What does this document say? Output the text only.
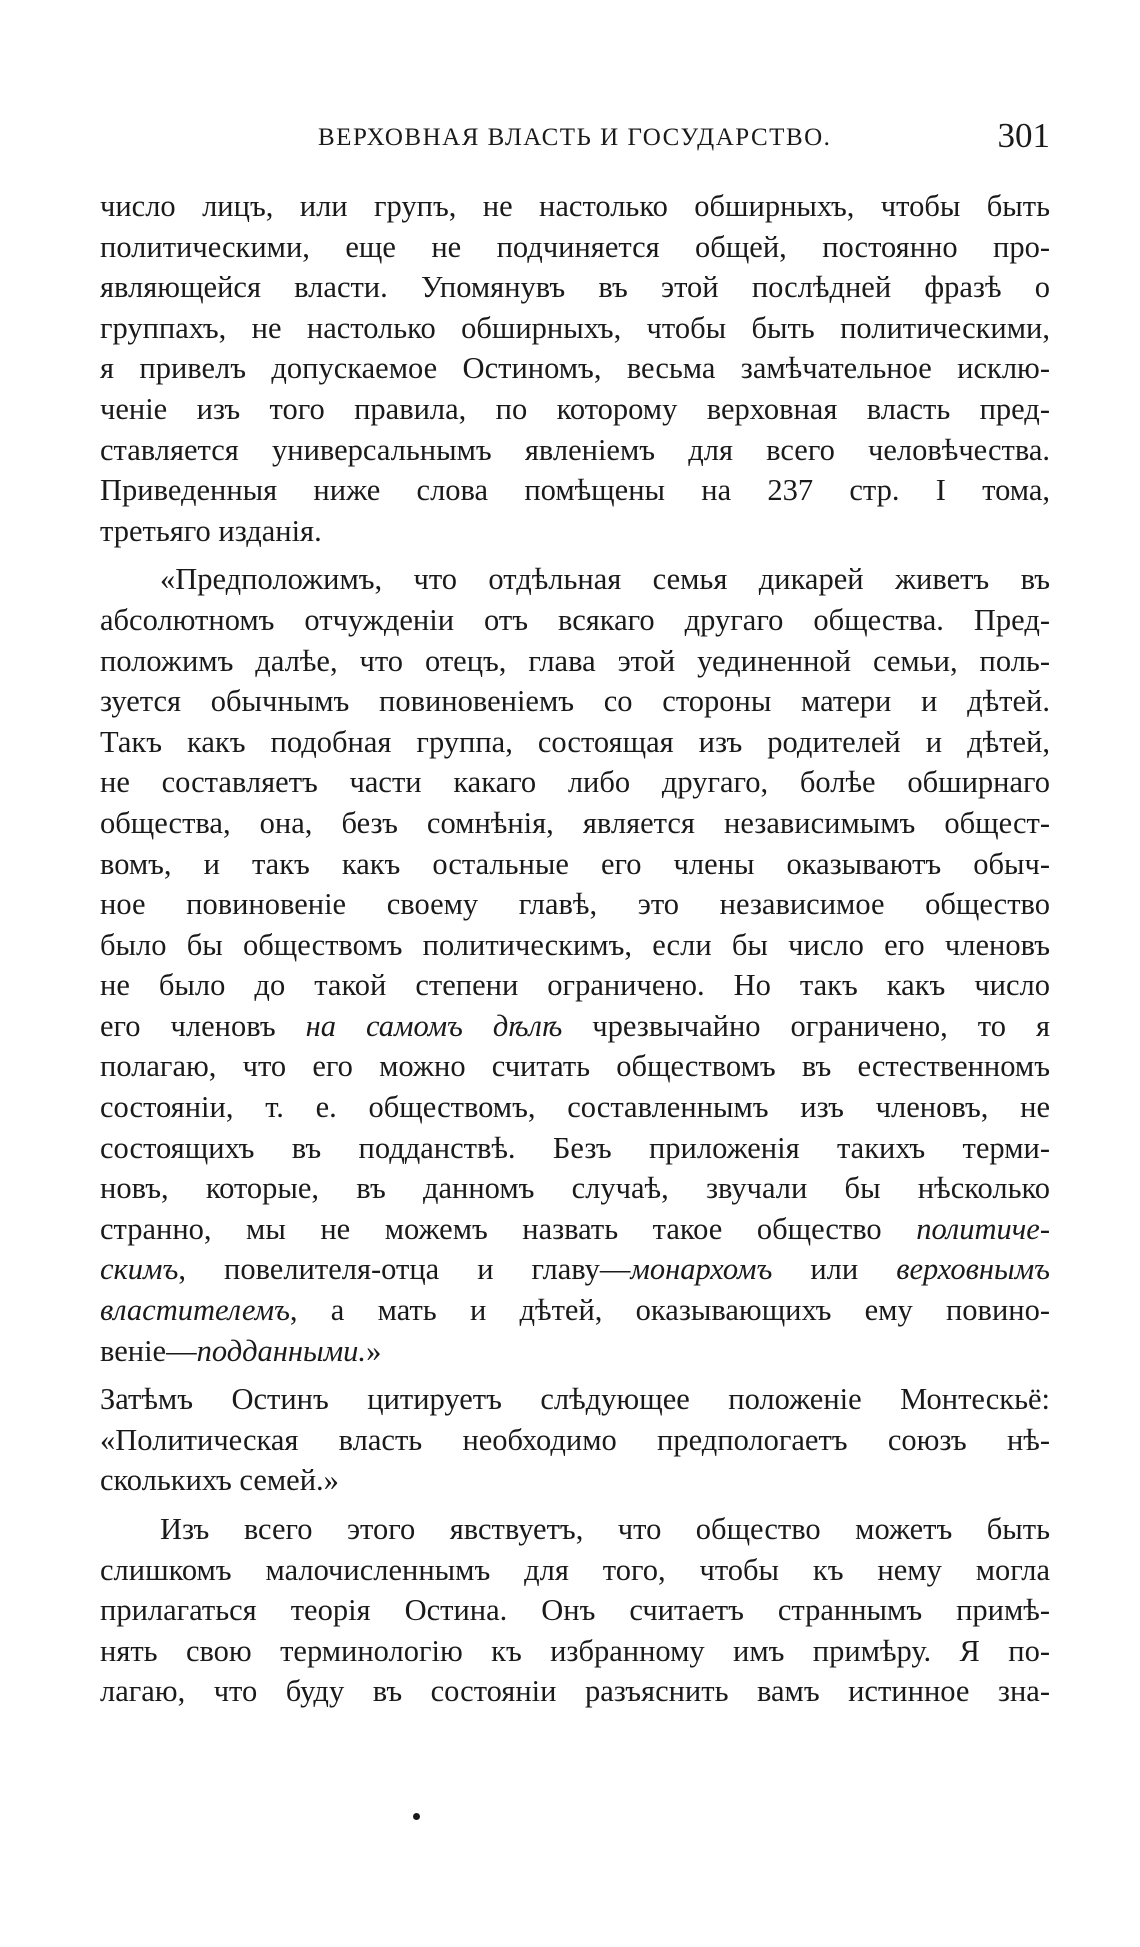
ВЕРХОВНАЯ ВЛАСТЬ И ГОСУДАРСТВО.	301
число лицъ, или групъ, не настолько обширныхъ, чтобы быть
политическими, еще не подчиняется общей, постоянно про-
являющейся власти. Упомянувъ въ этой послѣдней фразѣ о
группахъ, не настолько обширныхъ, чтобы быть политическими,
я привелъ допускаемое Остиномъ, весьма замѣчательное исклю-
ченіе изъ того правила, по которому верховная власть пред-
ставляется универсальнымъ явленіемъ для всего человѣчества.
Приведенныя ниже слова помѣщены на 237 стр. I тома,
третьяго изданія.
«Предположимъ, что отдѣльная семья дикарей живетъ въ
абсолютномъ отчужденіи отъ всякаго другаго общества. Пред-
положимъ далѣе, что отецъ, глава этой уединенной семьи, поль-
зуется обычнымъ повиновеніемъ со стороны матери и дѣтей.
Такъ какъ подобная группа, состоящая изъ родителей и дѣтей,
не составляетъ части какаго либо другаго, болѣе обширнаго
общества, она, безъ сомнѣнія, является независимымъ общест-
вомъ, и такъ какъ остальные его члены оказываютъ обыч-
ное повиновеніе своему главѣ, это независимое общество
было бы обществомъ политическимъ, если бы число его членовъ
не было до такой степени ограничено. Но такъ какъ число
его членовъ на самомъ дѣлѣ чрезвычайно ограничено, то я
полагаю, что его можно считать обществомъ въ естественномъ
состояніи, т. е. обществомъ, составленнымъ изъ членовъ, не
состоящихъ въ подданствѣ. Безъ приложенія такихъ терми-
новъ, которые, въ данномъ случаѣ, звучали бы нѣсколько
странно, мы не можемъ назвать такое общество политиче-
скимъ, повелителя-отца и главу—монархомъ или верховнымъ
властителемъ, а мать и дѣтей, оказывающихъ ему повино-
веніе—подданными.»
Затѣмъ Остинъ цитируетъ слѣдующее положеніе Монтескьё:
«Политическая власть необходимо предпологаетъ союзъ нѣ-
сколькихъ семей.»
Изъ всего этого явствуетъ, что общество можетъ быть
слишкомъ малочисленнымъ для того, чтобы къ нему могла
прилагаться теорія Остина. Онъ считаетъ страннымъ примѣ-
нять свою терминологію къ избранному имъ примѣру. Я по-
лагаю, что буду въ состояніи разъяснить вамъ истинное зна-
